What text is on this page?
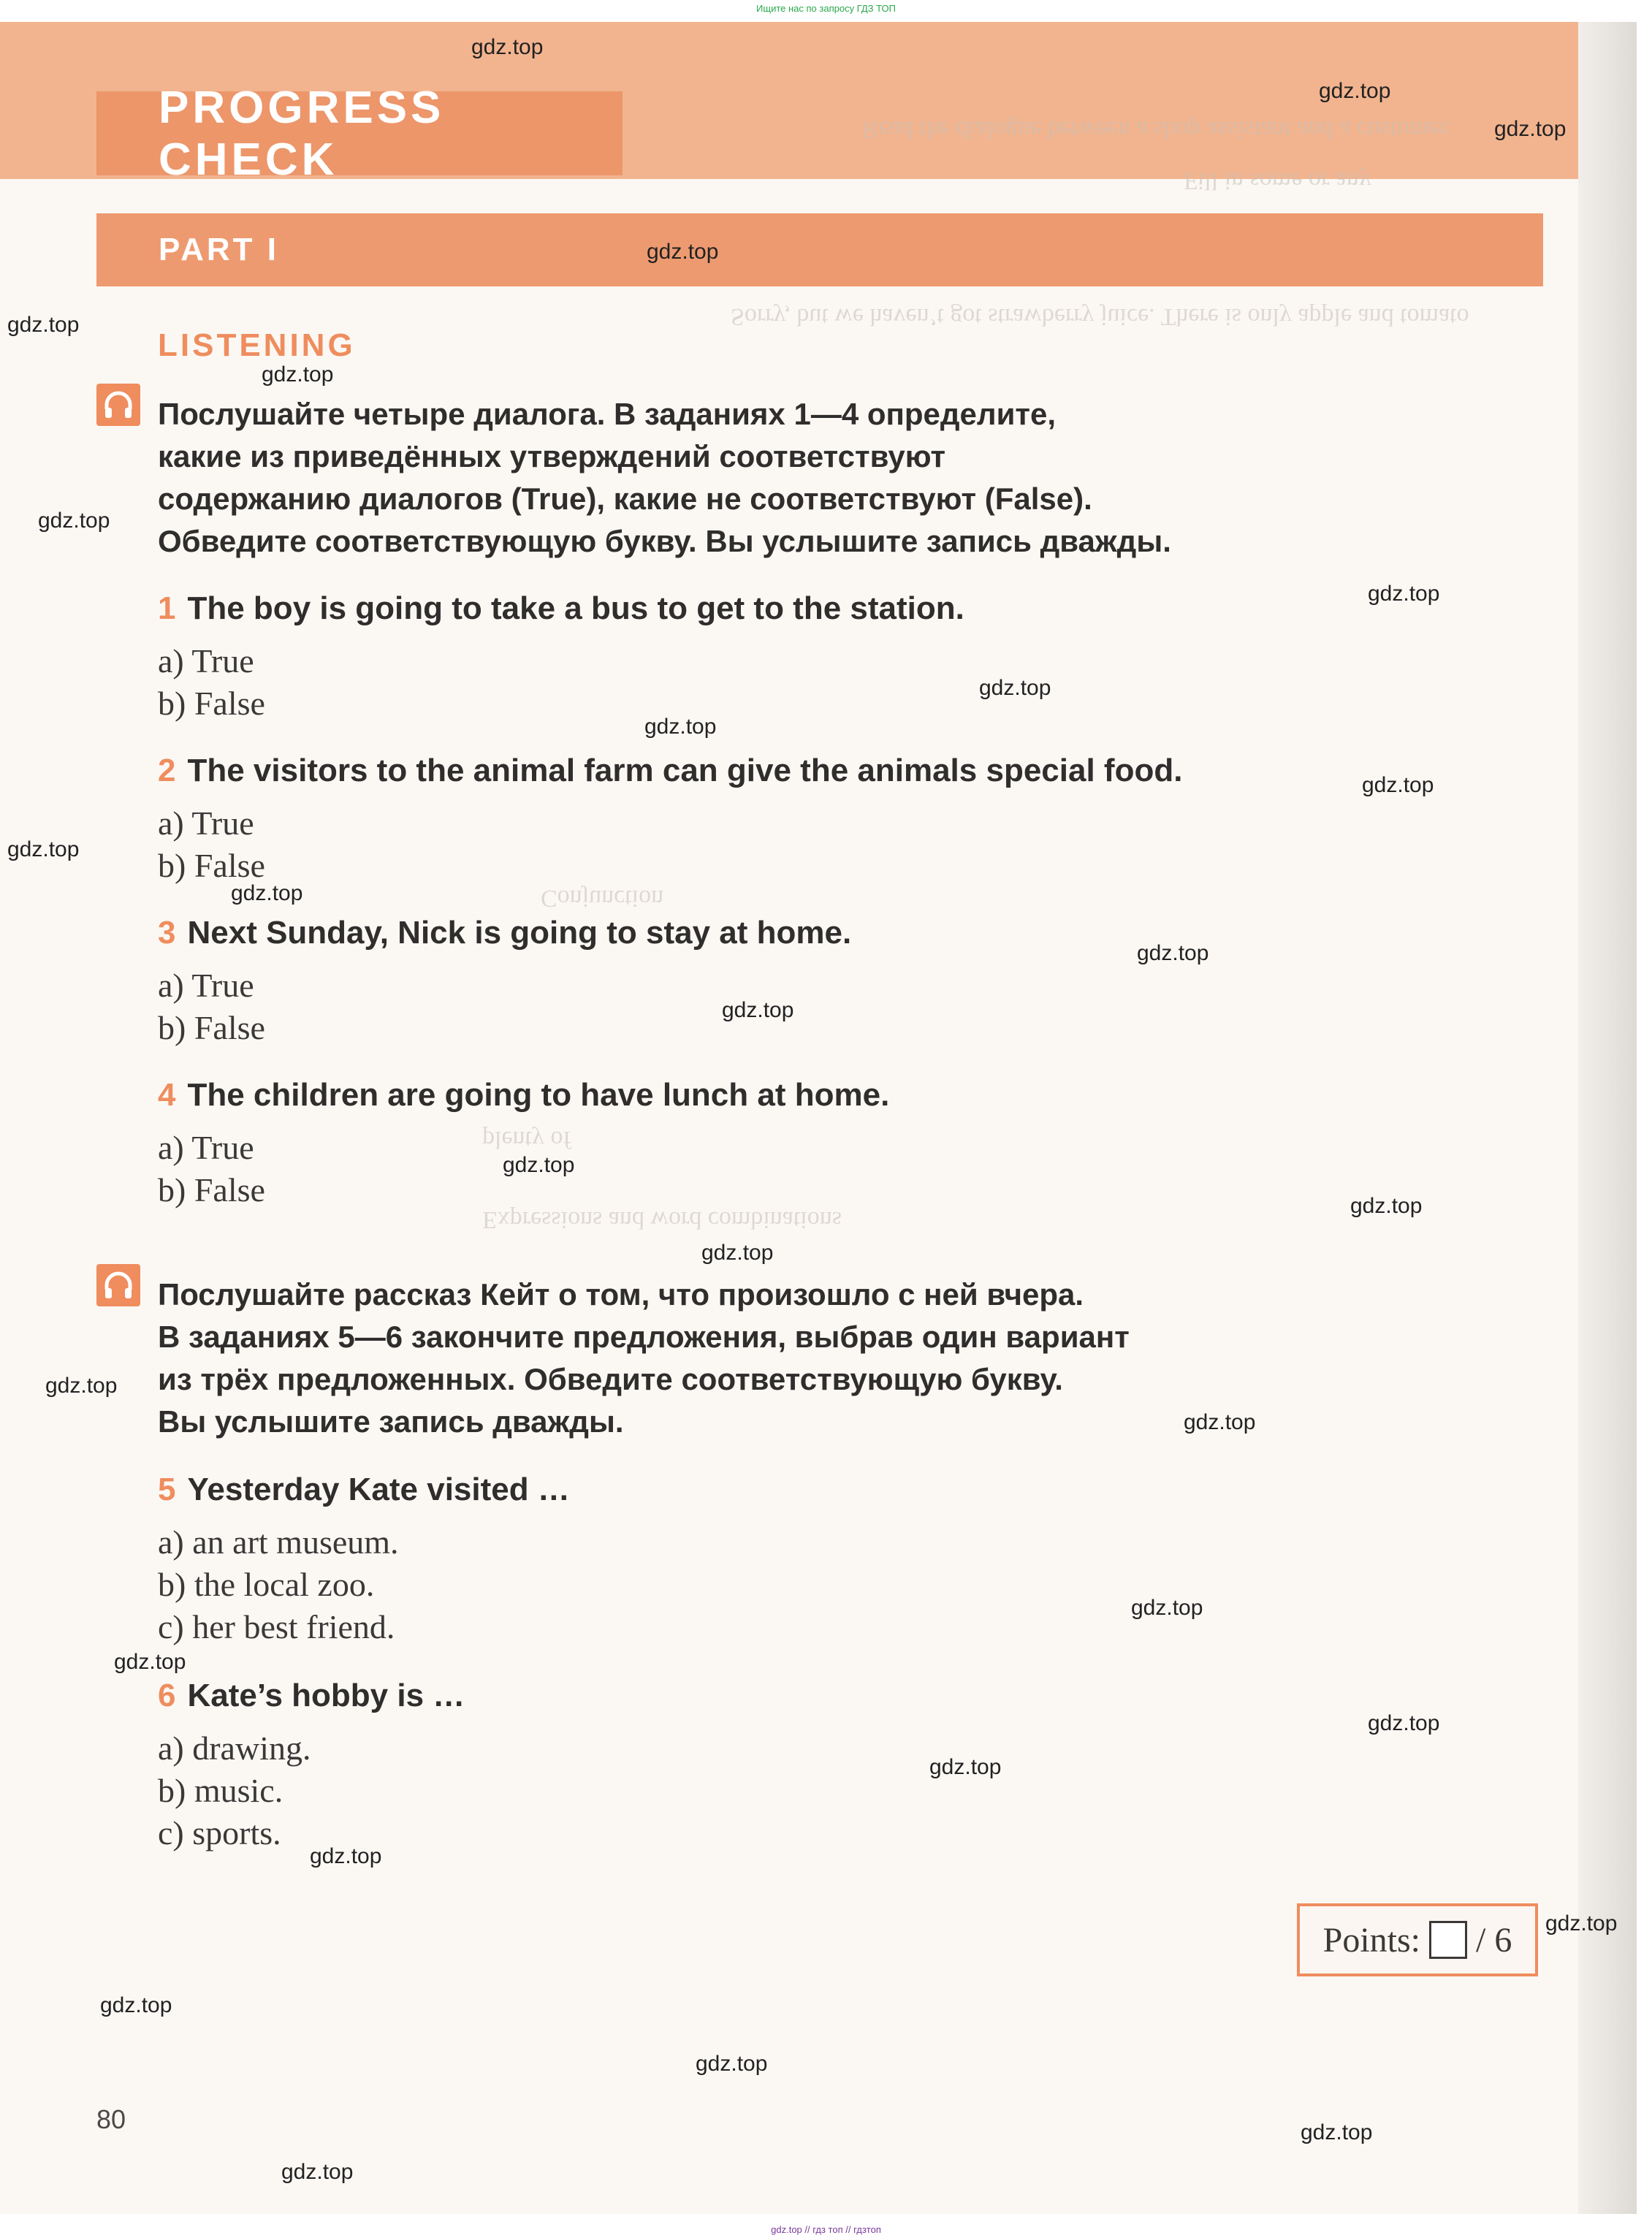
Ищите нас по запросу ГДЗ ТОП
Read the dialogue between a shop assistant and a customer.
Fill in some or any
Sorry, but we haven’t got strawberry juice. There is only apple and tomato
plenty of
Conjunction
Expressions and word combinations
PROGRESS CHECK
PART I
LISTENING
Послушайте четыре диалога. В заданиях 1—4 определите,
какие из приведённых утверждений соответствуют
содержанию диалогов (True), какие не соответствуют (False).
Обведите соответствующую букву. Вы услышите запись дважды.
1 The boy is going to take a bus to get to the station.
a) True
b) False
2 The visitors to the animal farm can give the animals special food.
a) True
b) False
3 Next Sunday, Nick is going to stay at home.
a) True
b) False
4 The children are going to have lunch at home.
a) True
b) False
Послушайте рассказ Кейт о том, что произошло с ней вчера.
В заданиях 5—6 закончите предложения, выбрав один вариант
из трёх предложенных. Обведите соответствующую букву.
Вы услышите запись дважды.
5 Yesterday Kate visited …
a) an art museum.
b) the local zoo.
c) her best friend.
6 Kate’s hobby is …
a) drawing.
b) music.
c) sports.
Points: / 6
80
gdz.top
gdz.top
gdz.top
gdz.top
gdz.top
gdz.top
gdz.top
gdz.top
gdz.top
gdz.top
gdz.top
gdz.top
gdz.top
gdz.top
gdz.top
gdz.top
gdz.top
gdz.top
gdz.top
gdz.top
gdz.top
gdz.top
gdz.top
gdz.top
gdz.top
gdz.top
gdz.top
gdz.top
gdz.top
gdz.top
gdz.top // гдз топ // гдзтоп
